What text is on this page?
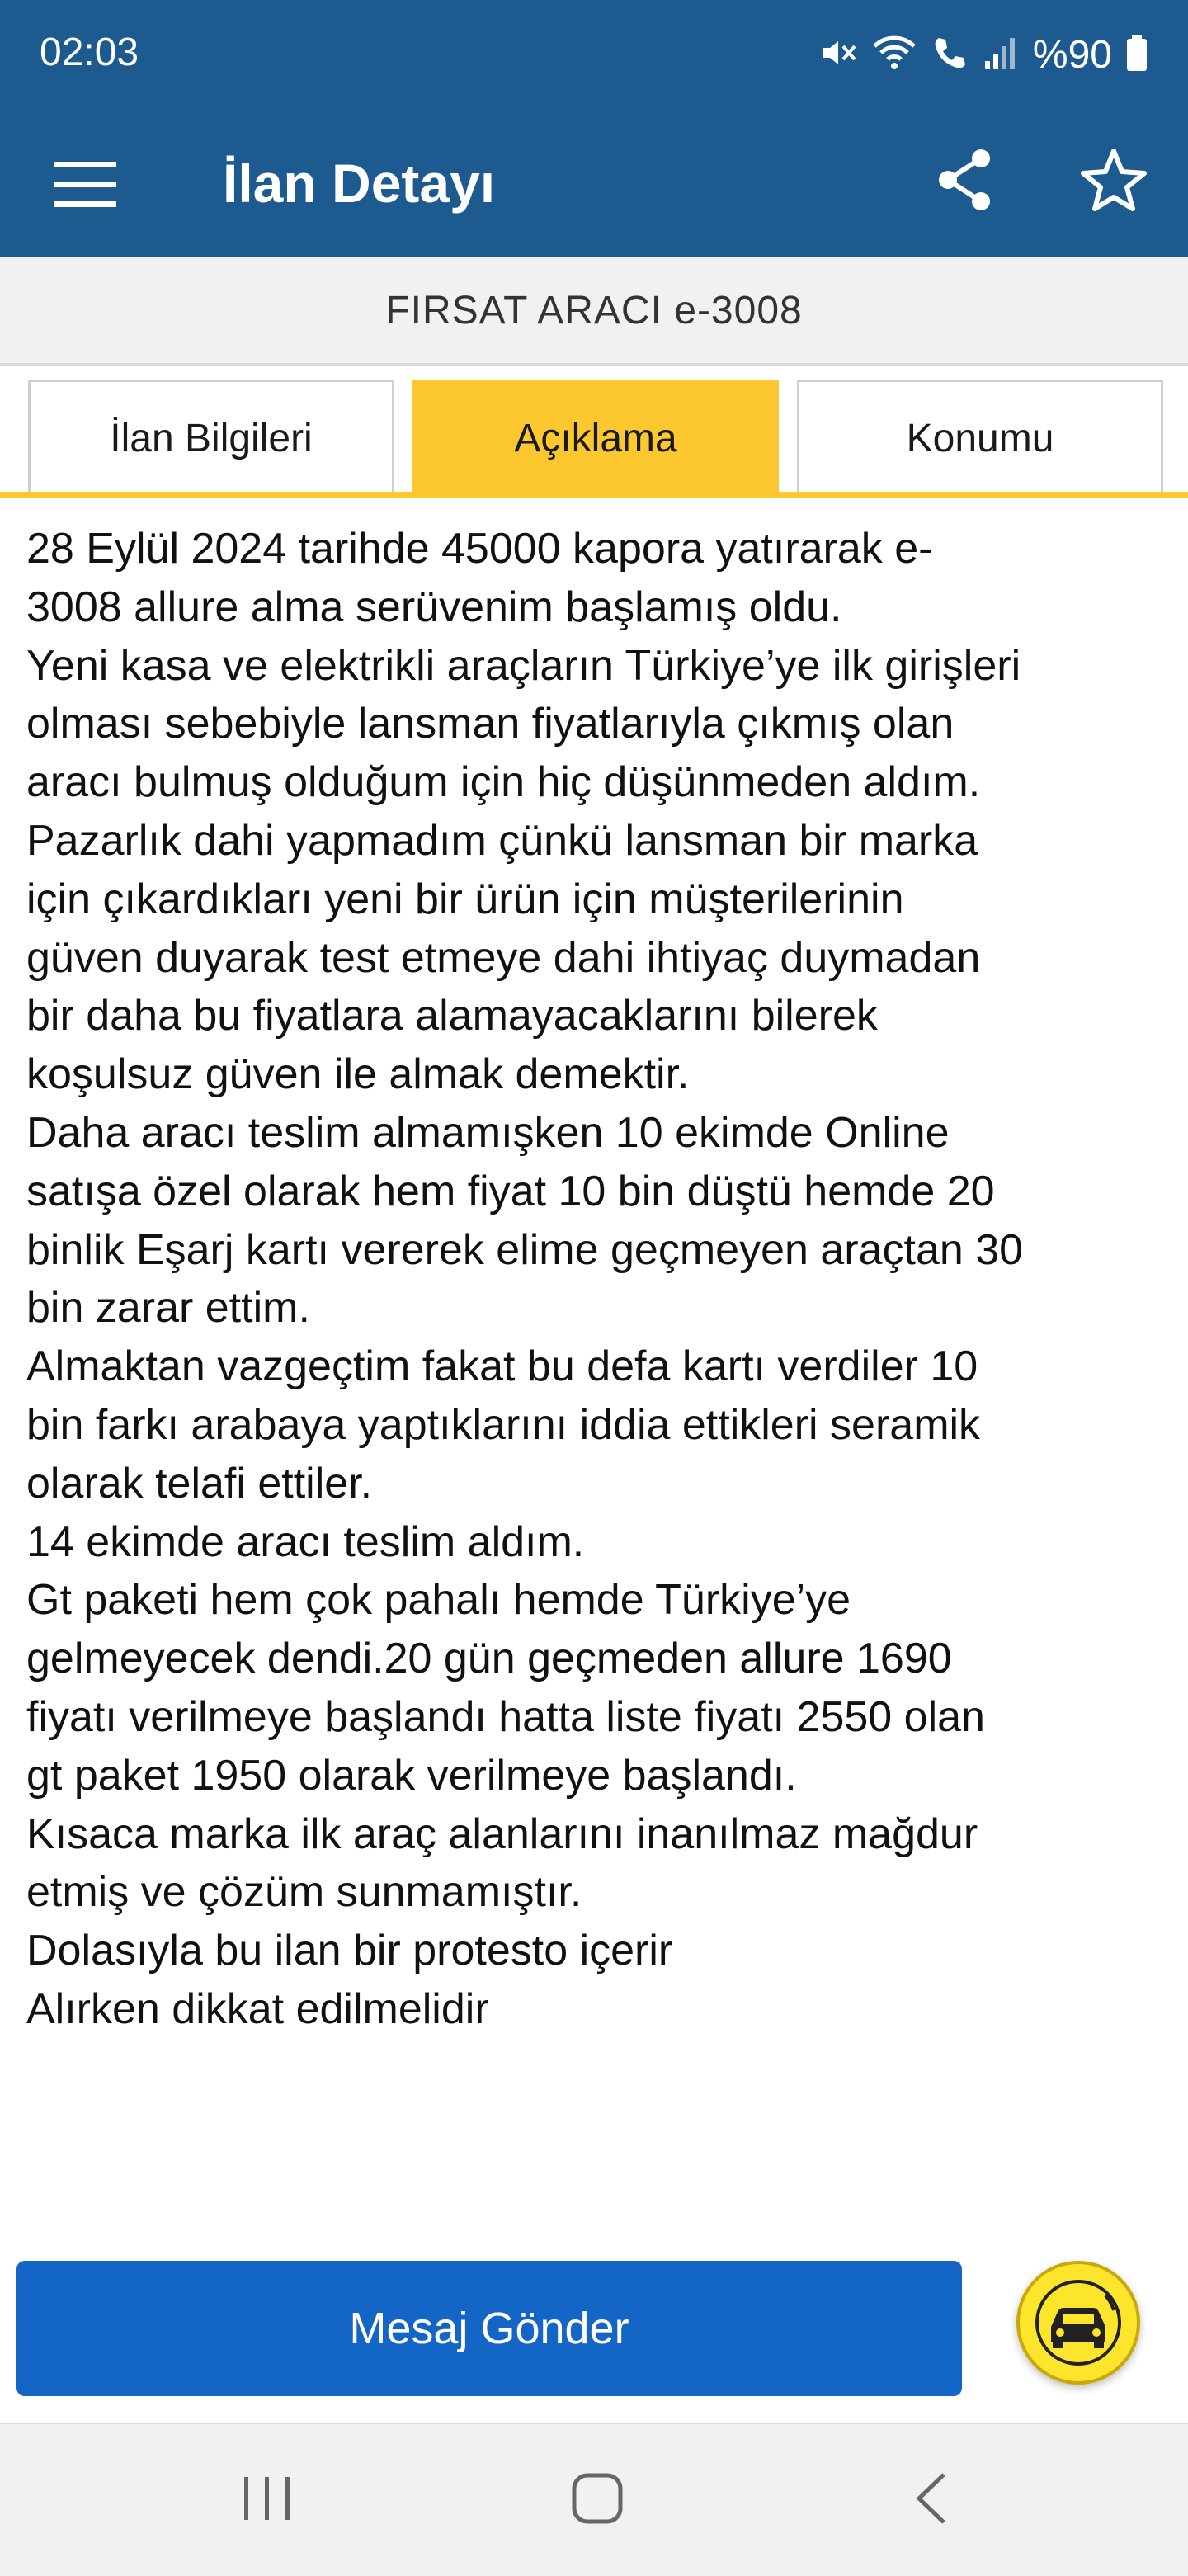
02:03	%90
İlan Detayı
FIRSAT ARACI e-3008
İlan Bilgileri	Açıklama	Konumu
28 Eylül 2024 tarihde 45000 kapora yatırarak e-
3008 allure alma serüvenim başlamış oldu.
Yeni kasa ve elektrikli araçların Türkiye’ye ilk girişleri
olması sebebiyle lansman fiyatlarıyla çıkmış olan
aracı bulmuş olduğum için hiç düşünmeden aldım.
Pazarlık dahi yapmadım çünkü lansman bir marka
için çıkardıkları yeni bir ürün için müşterilerinin
güven duyarak test etmeye dahi ihtiyaç duymadan
bir daha bu fiyatlara alamayacaklarını bilerek
koşulsuz güven ile almak demektir.
Daha aracı teslim almamışken 10 ekimde Online
satışa özel olarak hem fiyat 10 bin düştü hemde 20
binlik Eşarj kartı vererek elime geçmeyen araçtan 30
bin zarar ettim.
Almaktan vazgeçtim fakat bu defa kartı verdiler 10
bin farkı arabaya yaptıklarını iddia ettikleri seramik
olarak telafi ettiler.
14 ekimde aracı teslim aldım.
Gt paketi hem çok pahalı hemde Türkiye’ye
gelmeyecek dendi.20 gün geçmeden allure 1690
fiyatı verilmeye başlandı hatta liste fiyatı 2550 olan
gt paket 1950 olarak verilmeye başlandı.
Kısaca marka ilk araç alanlarını inanılmaz mağdur
etmiş ve çözüm sunmamıştır.
Dolasıyla bu ilan bir protesto içerir
Alırken dikkat edilmelidir
Mesaj Gönder
